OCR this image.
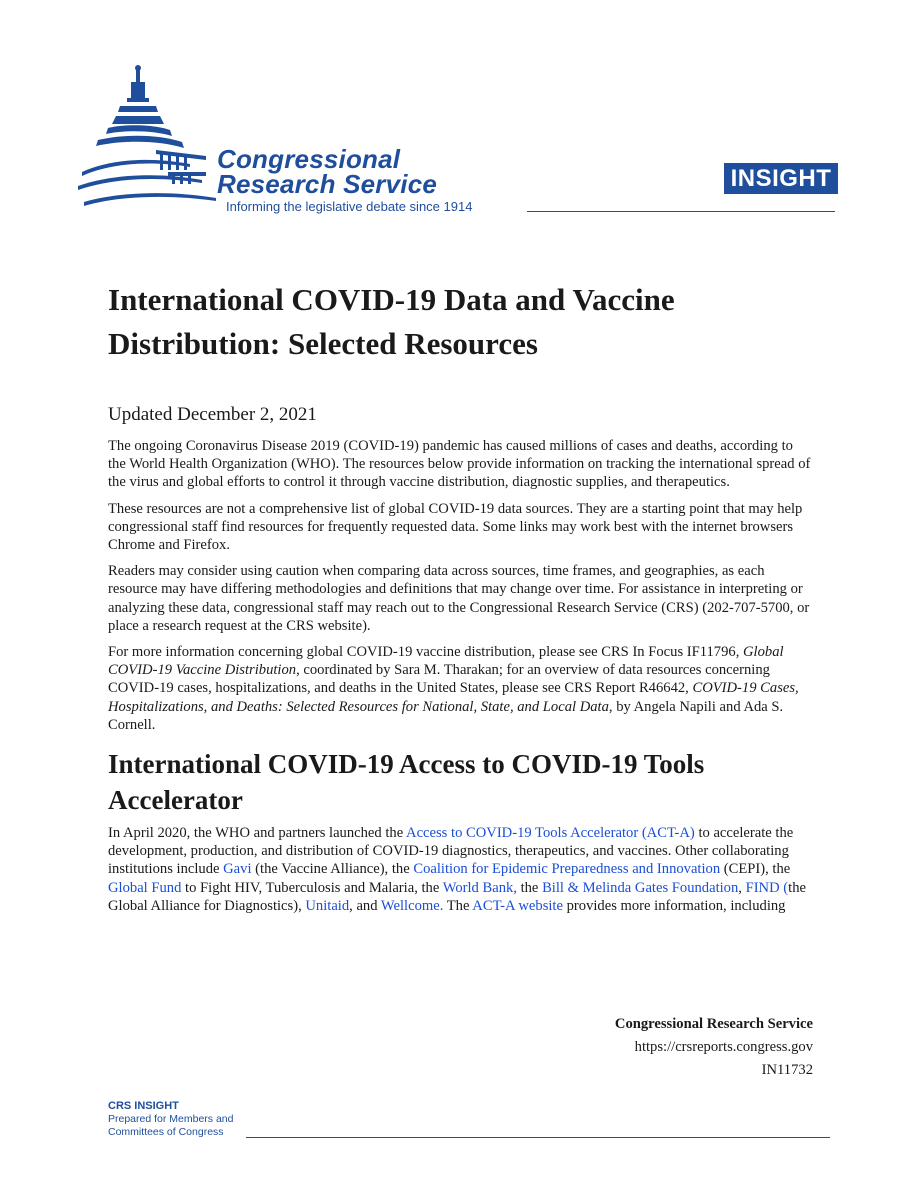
Congressional
Research Service
Informing the legislative debate since 1914
INSIGHT
International COVID-19 Data and Vaccine Distribution: Selected Resources
Updated December 2, 2021

The ongoing Coronavirus Disease 2019 (COVID-19) pandemic has caused millions of cases and deaths, according to the World Health Organization (WHO). The resources below provide information on tracking the international spread of the virus and global efforts to control it through vaccine distribution, diagnostic supplies, and therapeutics.

These resources are not a comprehensive list of global COVID-19 data sources. They are a starting point that may help congressional staff find resources for frequently requested data. Some links may work best with the internet browsers Chrome and Firefox.

Readers may consider using caution when comparing data across sources, time frames, and geographies, as each resource may have differing methodologies and definitions that may change over time. For assistance in interpreting or analyzing these data, congressional staff may reach out to the Congressional Research Service (CRS) (202-707-5700, or place a research request at the CRS website).

For more information concerning global COVID-19 vaccine distribution, please see CRS In Focus IF11796, Global COVID-19 Vaccine Distribution, coordinated by Sara M. Tharakan; for an overview of data resources concerning COVID-19 cases, hospitalizations, and deaths in the United States, please see CRS Report R46642, COVID-19 Cases, Hospitalizations, and Deaths: Selected Resources for National, State, and Local Data, by Angela Napili and Ada S. Cornell.

International COVID-19 Access to COVID-19 Tools Accelerator

In April 2020, the WHO and partners launched the Access to COVID-19 Tools Accelerator (ACT-A) to accelerate the development, production, and distribution of COVID-19 diagnostics, therapeutics, and vaccines. Other collaborating institutions include Gavi (the Vaccine Alliance), the Coalition for Epidemic Preparedness and Innovation (CEPI), the Global Fund to Fight HIV, Tuberculosis and Malaria, the World Bank, the Bill & Melinda Gates Foundation, FIND (the Global Alliance for Diagnostics), Unitaid, and Wellcome. The ACT-A website provides more information, including

Congressional Research Service
https://crsreports.congress.gov
IN11732
CRS INSIGHT
Prepared for Members and
Committees of Congress
